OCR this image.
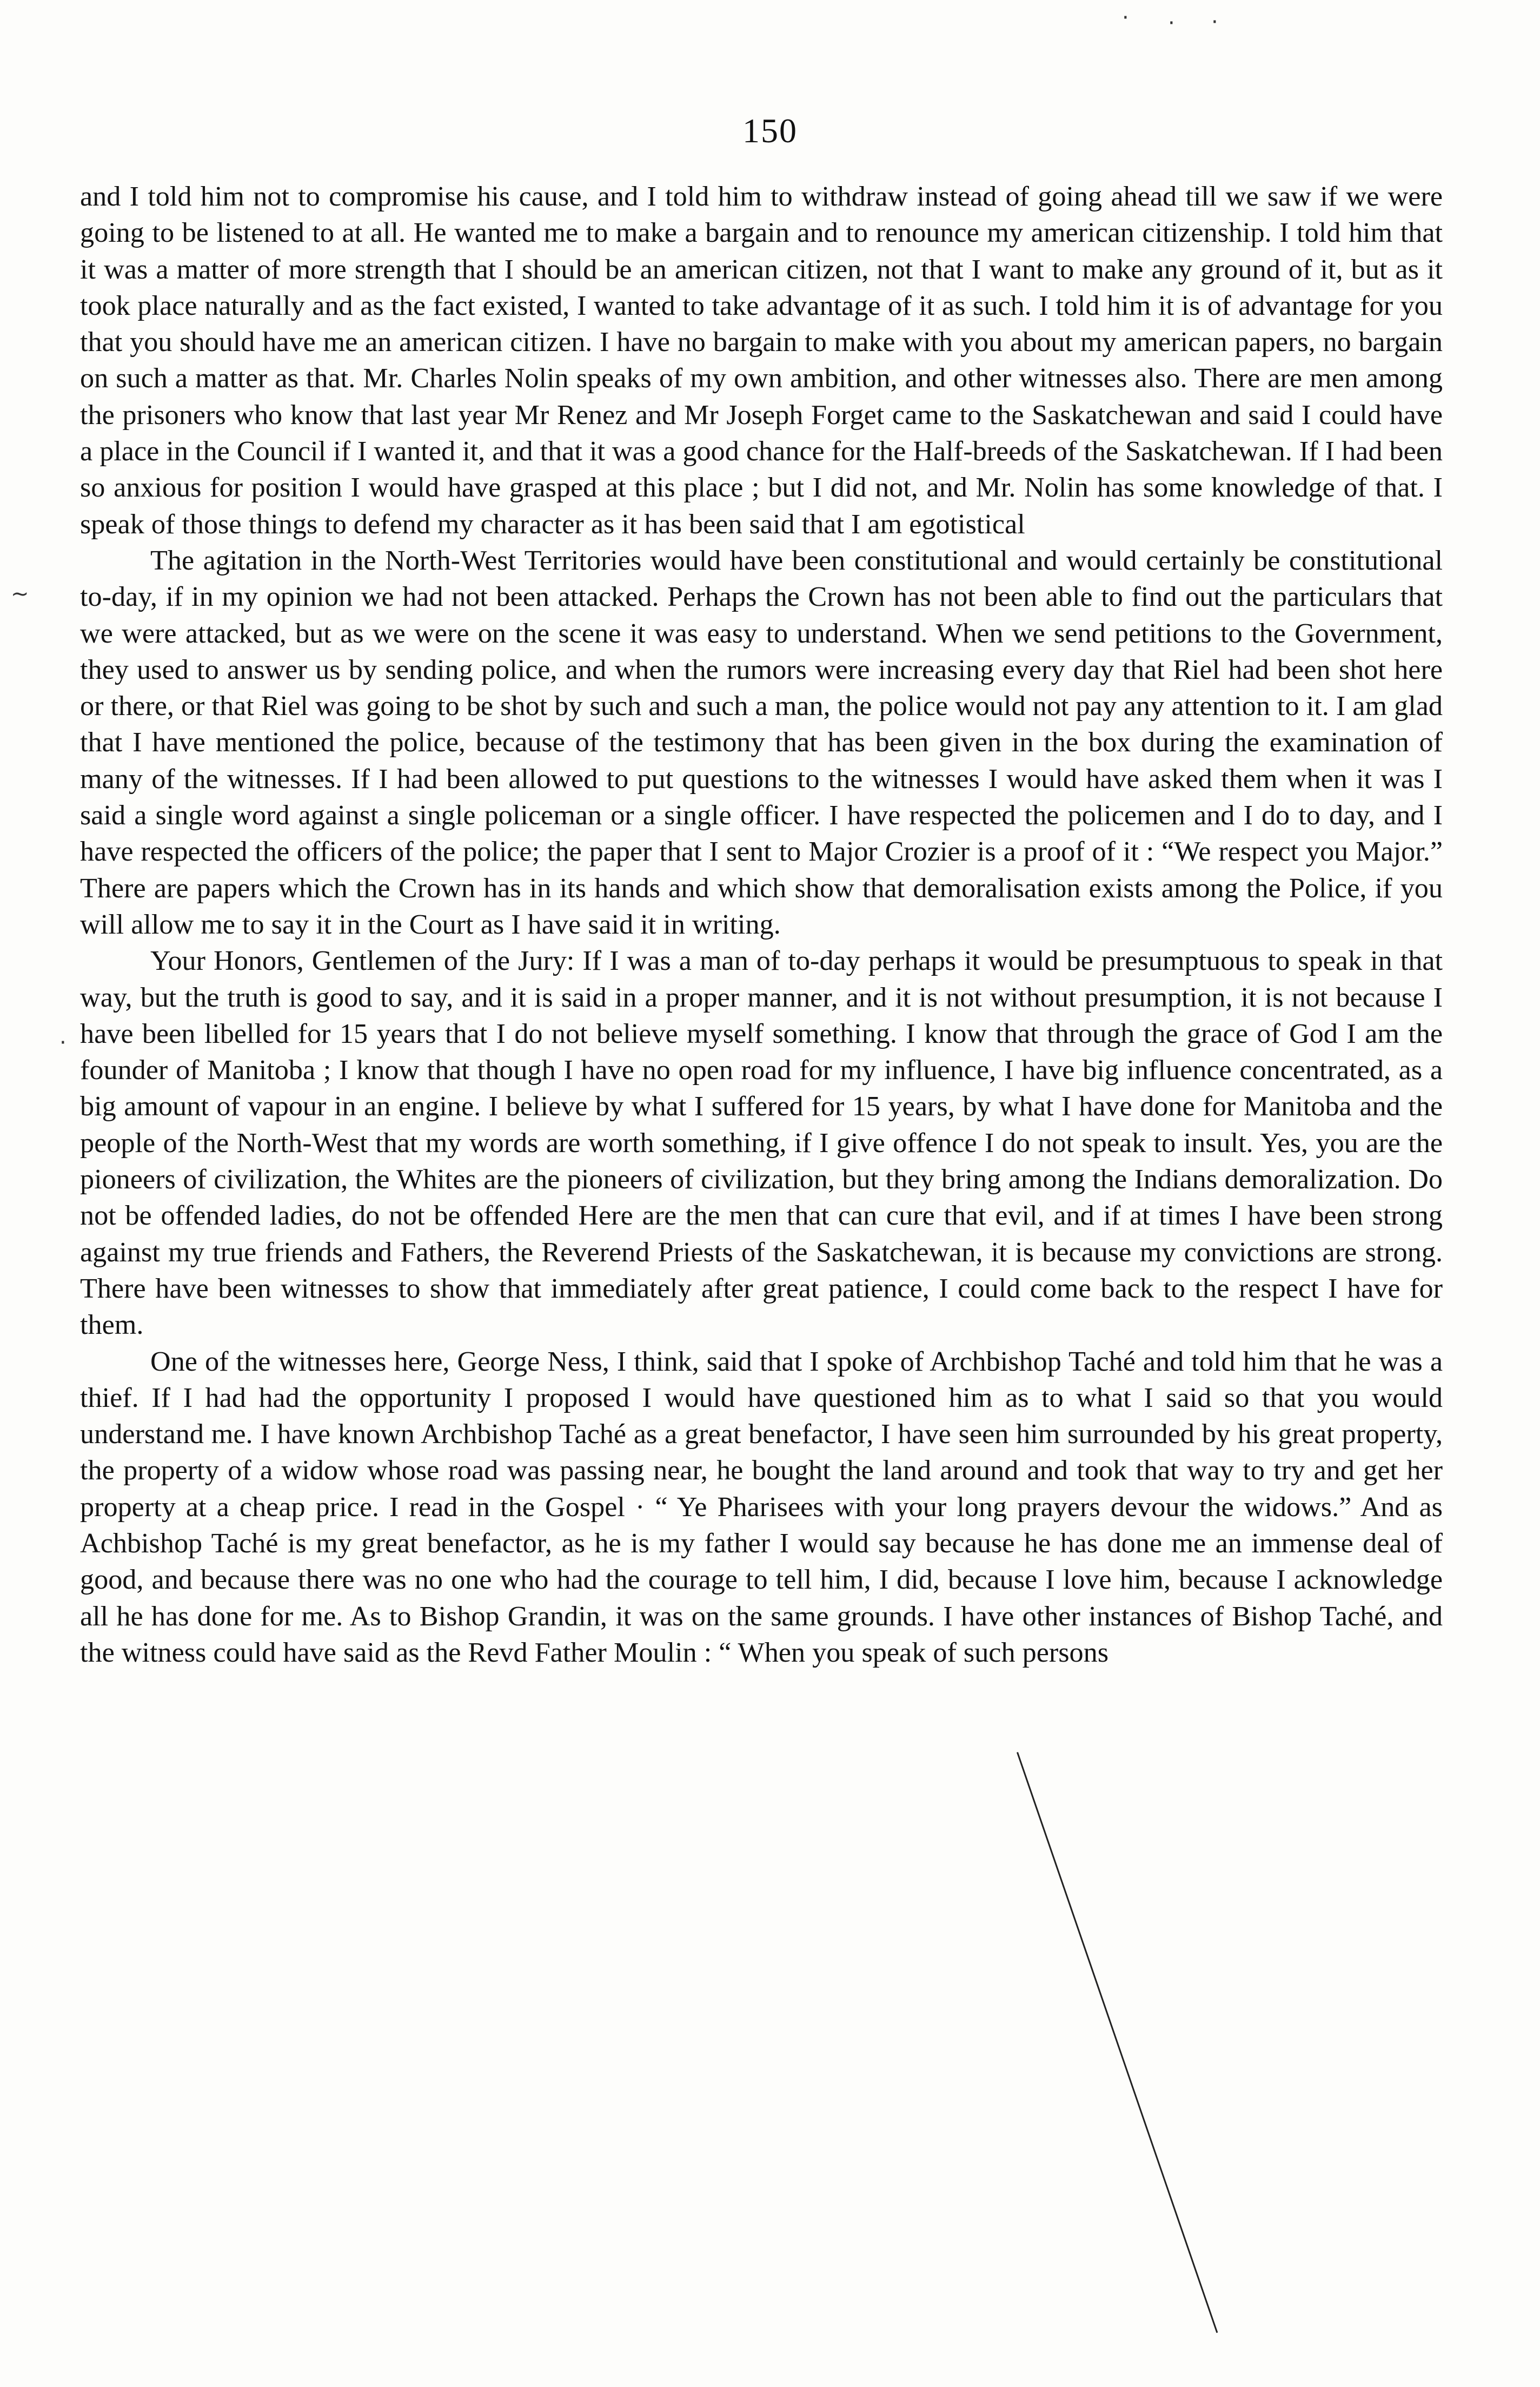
150

and I told him not to compromise his cause, and I told him to withdraw instead of going ahead till we saw if we were going to be listened to at all. He wanted me to make a bargain and to renounce my american citizenship. I told him that it was a matter of more strength that I should be an american citizen, not that I want to make any ground of it, but as it took place naturally and as the fact existed, I wanted to take advantage of it as such. I told him it is of advantage for you that you should have me an american citizen. I have no bargain to make with you about my american papers, no bargain on such a matter as that. Mr. Charles Nolin speaks of my own ambition, and other witnesses also. There are men among the prisoners who know that last year Mr Renez and Mr Joseph Forget came to the Saskatchewan and said I could have a place in the Council if I wanted it, and that it was a good chance for the Half-breeds of the Saskatchewan. If I had been so anxious for position I would have grasped at this place ; but I did not, and Mr. Nolin has some knowledge of that. I speak of those things to defend my character as it has been said that I am egotistical

The agitation in the North-West Territories would have been constitutional and would certainly be constitutional to-day, if in my opinion we had not been attacked. Perhaps the Crown has not been able to find out the particulars that we were attacked, but as we were on the scene it was easy to understand. When we send petitions to the Government, they used to answer us by sending police, and when the rumors were increasing every day that Riel had been shot here or there, or that Riel was going to be shot by such and such a man, the police would not pay any attention to it. I am glad that I have mentioned the police, because of the testimony that has been given in the box during the examination of many of the witnesses. If I had been allowed to put questions to the witnesses I would have asked them when it was I said a single word against a single policeman or a single officer. I have respected the policemen and I do to day, and I have respected the officers of the police; the paper that I sent to Major Crozier is a proof of it : “We respect you Major.” There are papers which the Crown has in its hands and which show that demoralisation exists among the Police, if you will allow me to say it in the Court as I have said it in writing.

Your Honors, Gentlemen of the Jury: If I was a man of to-day perhaps it would be presumptuous to speak in that way, but the truth is good to say, and it is said in a proper manner, and it is not without presumption, it is not because I have been libelled for 15 years that I do not believe myself something. I know that through the grace of God I am the founder of Manitoba ; I know that though I have no open road for my influence, I have big influence concentrated, as a big amount of vapour in an engine. I believe by what I suffered for 15 years, by what I have done for Manitoba and the people of the North-West that my words are worth something, if I give offence I do not speak to insult. Yes, you are the pioneers of civilization, the Whites are the pioneers of civilization, but they bring among the Indians demoralization. Do not be offended ladies, do not be offended Here are the men that can cure that evil, and if at times I have been strong against my true friends and Fathers, the Reverend Priests of the Saskatchewan, it is because my convictions are strong. There have been witnesses to show that immediately after great patience, I could come back to the respect I have for them.

One of the witnesses here, George Ness, I think, said that I spoke of Archbishop Taché and told him that he was a thief. If I had had the opportunity I proposed I would have questioned him as to what I said so that you would understand me. I have known Archbishop Taché as a great benefactor, I have seen him surrounded by his great property, the property of a widow whose road was passing near, he bought the land around and took that way to try and get her property at a cheap price. I read in the Gospel · “ Ye Pharisees with your long prayers devour the widows.” And as Achbishop Taché is my great benefactor, as he is my father I would say because he has done me an immense deal of good, and because there was no one who had the courage to tell him, I did, because I love him, because I acknowledge all he has done for me. As to Bishop Grandin, it was on the same grounds. I have other instances of Bishop Taché, and the witness could have said as the Revd Father Moulin : “ When you speak of such persons

· · ·
~
·
